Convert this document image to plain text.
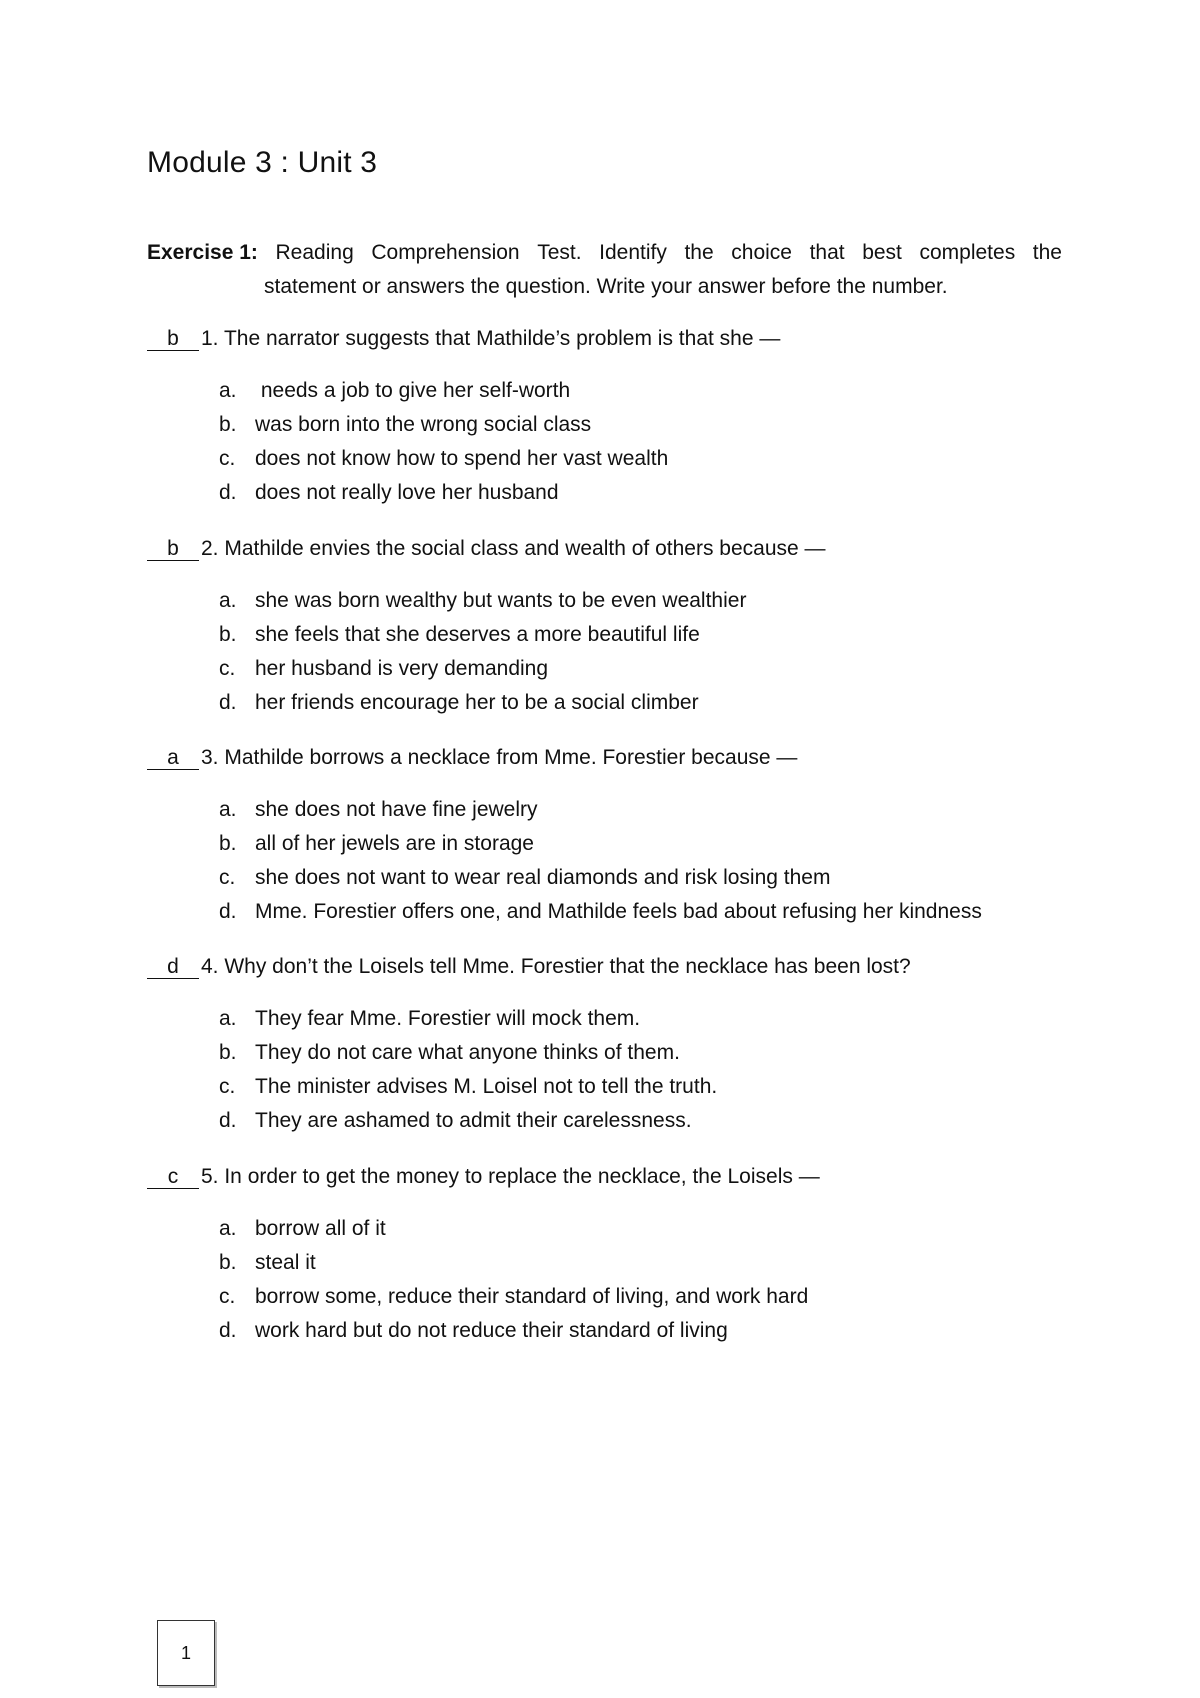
Module 3 : Unit 3
Exercise 1: Reading Comprehension Test. Identify the choice that best completes the
statement or answers the question. Write your answer before the number.
b 1. The narrator suggests that Mathilde’s problem is that she —
a. needs a job to give her self-worth
b. was born into the wrong social class
c. does not know how to spend her vast wealth
d. does not really love her husband
b 2. Mathilde envies the social class and wealth of others because —
a. she was born wealthy but wants to be even wealthier
b. she feels that she deserves a more beautiful life
c. her husband is very demanding
d. her friends encourage her to be a social climber
a 3. Mathilde borrows a necklace from Mme. Forestier because —
a. she does not have fine jewelry
b. all of her jewels are in storage
c. she does not want to wear real diamonds and risk losing them
d. Mme. Forestier offers one, and Mathilde feels bad about refusing her kindness
d 4. Why don’t the Loisels tell Mme. Forestier that the necklace has been lost?
a. They fear Mme. Forestier will mock them.
b. They do not care what anyone thinks of them.
c. The minister advises M. Loisel not to tell the truth.
d. They are ashamed to admit their carelessness.
c 5. In order to get the money to replace the necklace, the Loisels —
a. borrow all of it
b. steal it
c. borrow some, reduce their standard of living, and work hard
d. work hard but do not reduce their standard of living
1
